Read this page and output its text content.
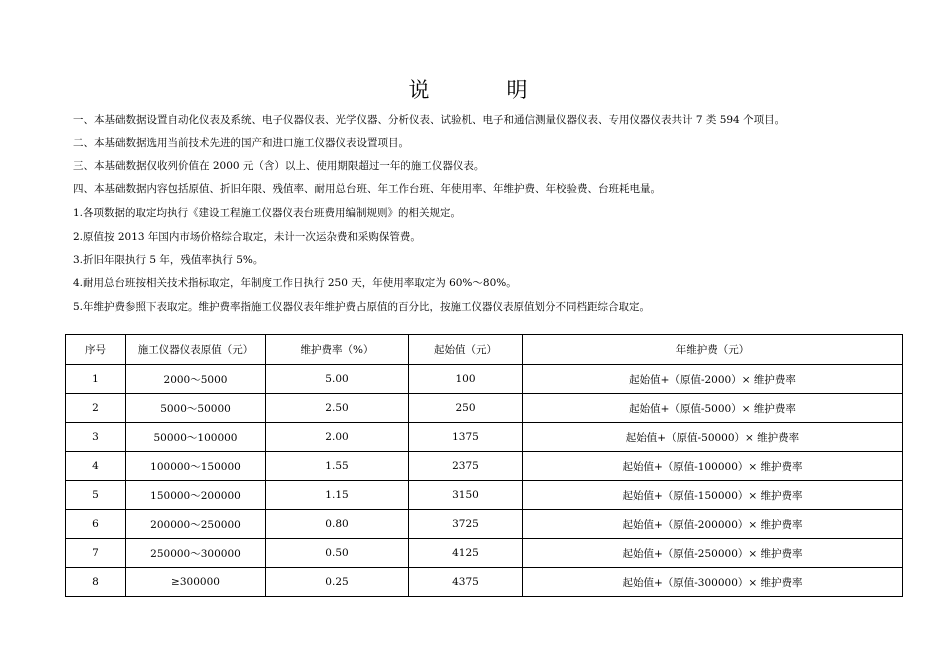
说　明
一、本基础数据设置自动化仪表及系统、电子仪器仪表、光学仪器、分析仪表、试验机、电子和通信测量仪器仪表、专用仪器仪表共计 7 类 594 个项目。
二、本基础数据选用当前技术先进的国产和进口施工仪器仪表设置项目。
三、本基础数据仅收列价值在 2000 元（含）以上、使用期限超过一年的施工仪器仪表。
四、本基础数据内容包括原值、折旧年限、残值率、耐用总台班、年工作台班、年使用率、年维护费、年校验费、台班耗电量。
1.各项数据的取定均执行《建设工程施工仪器仪表台班费用编制规则》的相关规定。
2.原值按 2013 年国内市场价格综合取定，未计一次运杂费和采购保管费。
3.折旧年限执行 5 年，残值率执行 5%。
4.耐用总台班按相关技术指标取定，年制度工作日执行 250 天，年使用率取定为 60%～80%。
5.年维护费参照下表取定。维护费率指施工仪器仪表年维护费占原值的百分比，按施工仪器仪表原值划分不同档距综合取定。
序号	施工仪器仪表原值（元）	维护费率（%）	起始值（元）	年维护费（元）
1	2000～5000	5.00	100	起始值+（原值-2000）× 维护费率
2	5000～50000	2.50	250	起始值+（原值-5000）× 维护费率
3	50000～100000	2.00	1375	起始值+（原值-50000）× 维护费率
4	100000～150000	1.55	2375	起始值+（原值-100000）× 维护费率
5	150000～200000	1.15	3150	起始值+（原值-150000）× 维护费率
6	200000～250000	0.80	3725	起始值+（原值-200000）× 维护费率
7	250000～300000	0.50	4125	起始值+（原值-250000）× 维护费率
8	≥300000	0.25	4375	起始值+（原值-300000）× 维护费率
